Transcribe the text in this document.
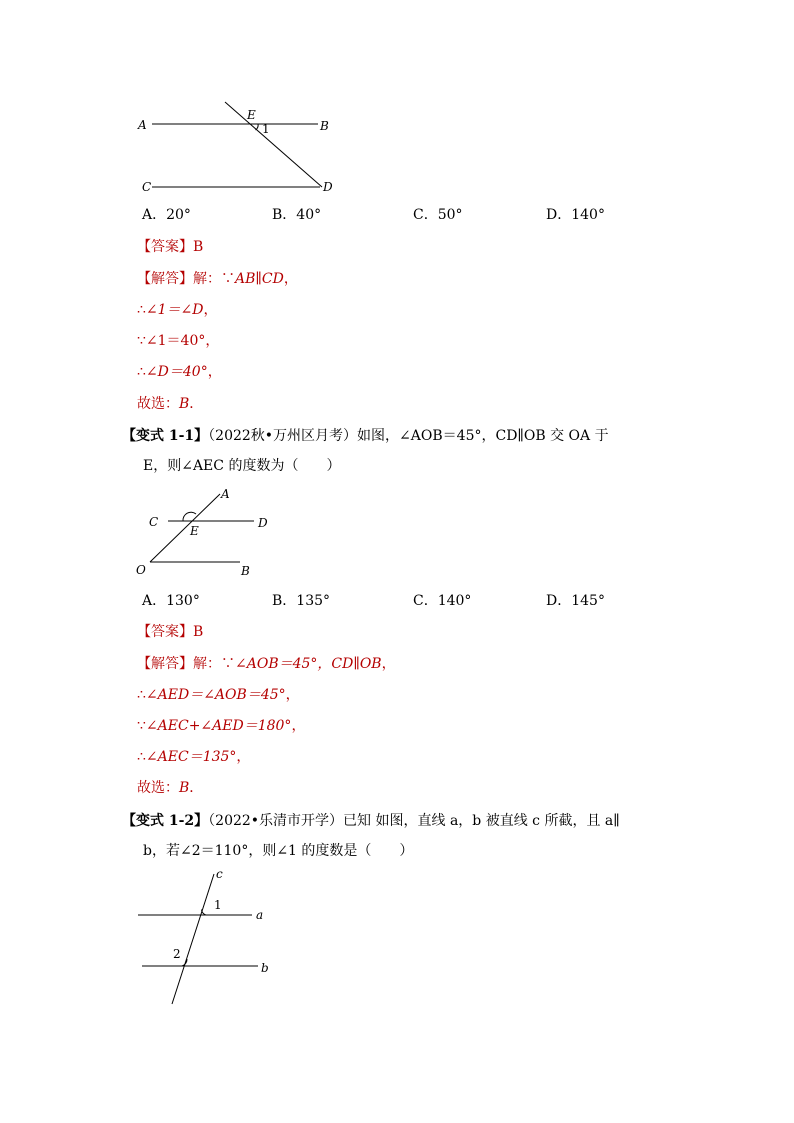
A	B
C	D
E
1
A．20°	B．40°	C．50°	D．140°
【答案】B
【解答】解：∵AB∥CD，
∴∠1＝∠D，
∵∠1＝40°，
∴∠D＝40°，
故选：B．
【变式 1-1】（2022秋•万州区月考）如图，∠AOB＝45°，CD∥OB 交 OA 于
E，则∠AEC 的度数为（　　）
A
C	D
E
O	B
A．130°	B．135°	C．140°	D．145°
【答案】B
【解答】解：∵∠AOB＝45°，CD∥OB，
∴∠AED＝∠AOB＝45°，
∵∠AEC+∠AED＝180°，
∴∠AEC＝135°，
故选：B．
【变式 1-2】（2022•乐清市开学）已知 如图，直线 a，b 被直线 c 所截，且 a∥
b，若∠2＝110°，则∠1 的度数是（　　）
c
a
b
1
2
